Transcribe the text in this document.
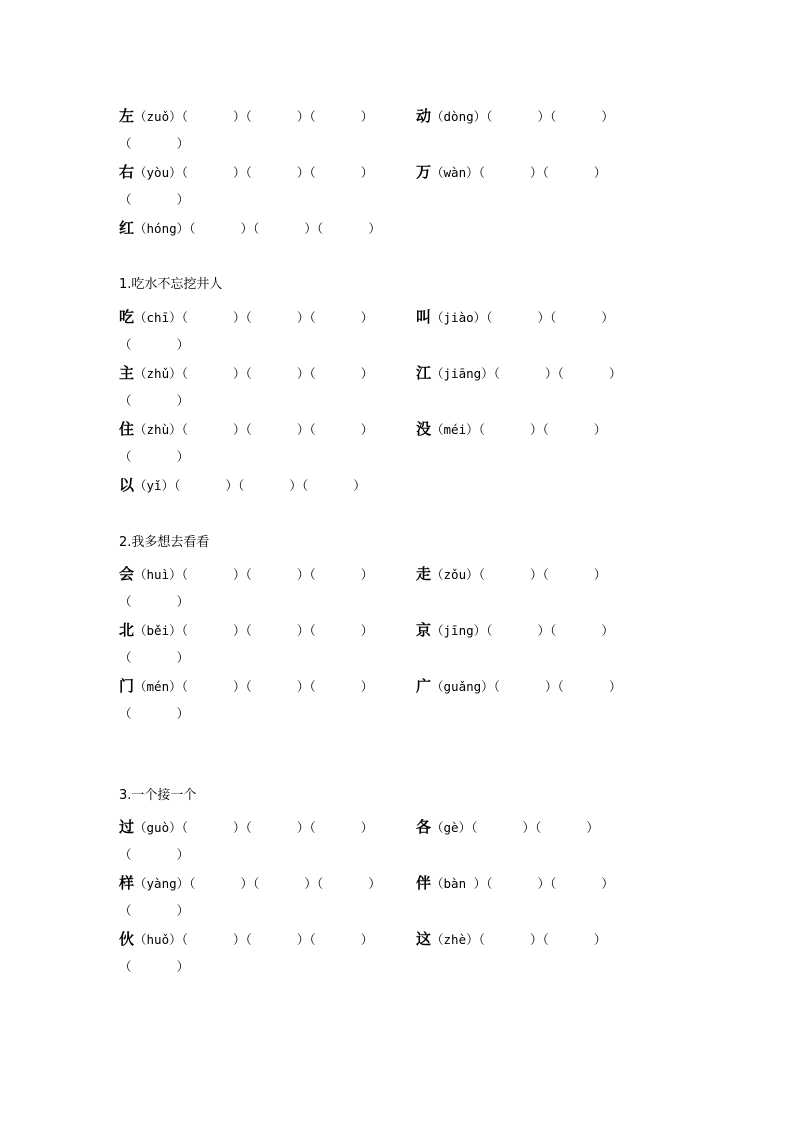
左（zuǒ）（      ）（      ）（      ）	动（dòng）（      ）（      ）
（      ）
右（yòu）（      ）（      ）（      ）	万（wàn）（      ）（      ）
（      ）
红（hóng）（      ）（      ）（      ）
1.吃水不忘挖井人
吃（chī）（      ）（      ）（      ）	叫（jiào）（      ）（      ）
（      ）
主（zhǔ）（      ）（      ）（      ）	江（jiāng）（      ）（      ）
（      ）
住（zhù）（      ）（      ）（      ）	没（méi）（      ）（      ）
（      ）
以（yǐ）（      ）（      ）（      ）
2.我多想去看看
会（huì）（      ）（      ）（      ）	走（zǒu）（      ）（      ）
（      ）
北（běi）（      ）（      ）（      ）	京（jīng）（      ）（      ）
（      ）
门（mén）（      ）（      ）（      ）	广（guǎng）（      ）（      ）
（      ）
3.一个接一个
过（guò）（      ）（      ）（      ）	各（gè）（      ）（      ）
（      ）
样（yàng）（      ）（      ）（      ） 伴（bàn ）（      ）（      ）
（      ）
伙（huǒ）（      ）（      ）（      ）	这（zhè）（      ）（      ）
（      ）
